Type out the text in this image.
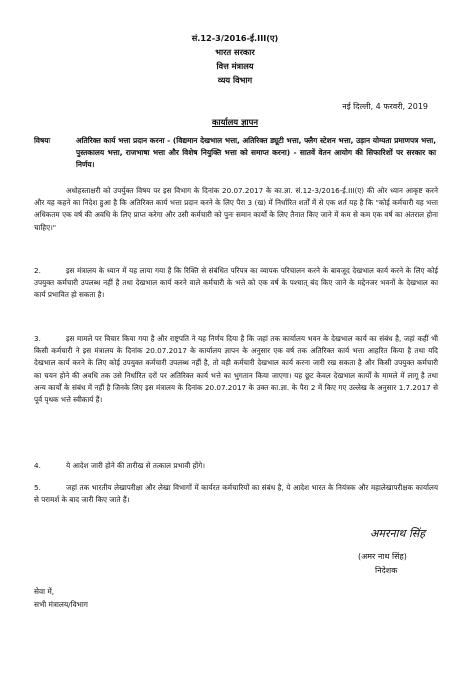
सं.12-3/2016-ई.III(ए)
भारत सरकार
वित्त मंत्रालय
व्यय विभाग
नई दिल्ली, 4 फरवरी, 2019
कार्यालय ज्ञापन
विषयः	अतिरिक्त कार्य भत्ता प्रदान करना - (विद्यमान देखभाल भत्ता, अतिरिक्त ड्यूटी भत्ता, फ्लैग स्टेशन भत्ता, उड़ान योग्यता प्रमाणपत्र भत्ता, पुस्तकालय भत्ता, राजभाषा भत्ता और विशेष नियुक्ति भत्ता को समाप्त करना) - सातवें वेतन आयोग की सिफारिशों पर सरकार का निर्णय।
अधोहस्ताक्षरी को उपर्युक्त विषय पर इस विभाग के दिनांक 20.07.2017 के का.ज्ञा. सं.12-3/2016-ई.III(ए) की ओर ध्यान आकृष्ट करने और यह कहने का निदेश हुआ है कि अतिरिक्त कार्य भत्ता प्रदान करने के लिए पैरा 3 (ख) में निर्धारित शर्तों में से एक शर्त यह है कि "कोई कर्मचारी यह भत्ता अधिकतम एक वर्ष की अवधि के लिए प्राप्त करेगा और उसी कर्मचारी को पुनः समान कार्यों के लिए तैनात किए जाने में कम से कम एक वर्ष का अंतराल होना चाहिए।"
2.	इस मंत्रालय के ध्यान में यह लाया गया है कि रिक्ति से संबंधित परिपत्र का व्यापक परिचालन करने के बावजूद देखभाल कार्य करने के लिए कोई उपयुक्त कर्मचारी उपलब्ध नहीं है तथा देखभाल कार्य करने वाले कर्मचारी के भत्ते को एक वर्ष के पश्चात् बंद किए जाने के मद्देनजर भवनों के देखभाल का कार्य प्रभावित हो सकता है।
3.	इस मामले पर विचार किया गया है और राष्ट्रपति ने यह निर्णय दिया है कि जहां तक कार्यालय भवन के देखभाल कार्य का संबंध है, जहां कहीं भी किसी कर्मचारी ने इस मंत्रालय के दिनांक 20.07.2017 के कार्यालय ज्ञापन के अनुसार एक वर्ष तक अतिरिक्त कार्य भत्ता आहरित किया है तथा यदि देखभाल कार्य करने के लिए कोई उपयुक्त कर्मचारी उपलब्ध नहीं है, तो वही कर्मचारी देखभाल कार्य करना जारी रख सकता है और किसी उपयुक्त कर्मचारी का चयन होने की अवधि तक उसे निर्धारित दरों पर अतिरिक्त कार्य भत्ते का भुगतान किया जाएगा। यह छूट केवल देखभाल कार्यों के मामले में लागू है तथा अन्य कार्यों के संबंध में नहीं है जिनके लिए इस मंत्रालय के दिनांक 20.07.2017 के उक्त का.ज्ञा. के पैरा 2 में किए गए उल्लेख के अनुसार 1.7.2017 से पूर्व पृथक भत्ते स्वीकार्य हैं।
4.	ये आदेश जारी होने की तारीख से तत्काल प्रभावी होंगे।
5.	जहां तक भारतीय लेखापरीक्षा और लेखा विभागों में कार्यरत कर्मचारियों का संबंध है, ये आदेश भारत के नियंत्रक और महालेखापरीक्षक कार्यालय से परामर्श के बाद जारी किए जाते हैं।
अमरनाथ सिंह
(अमर नाथ सिंह)
निदेशक
सेवा में,
सभी मंत्रालय/विभाग
